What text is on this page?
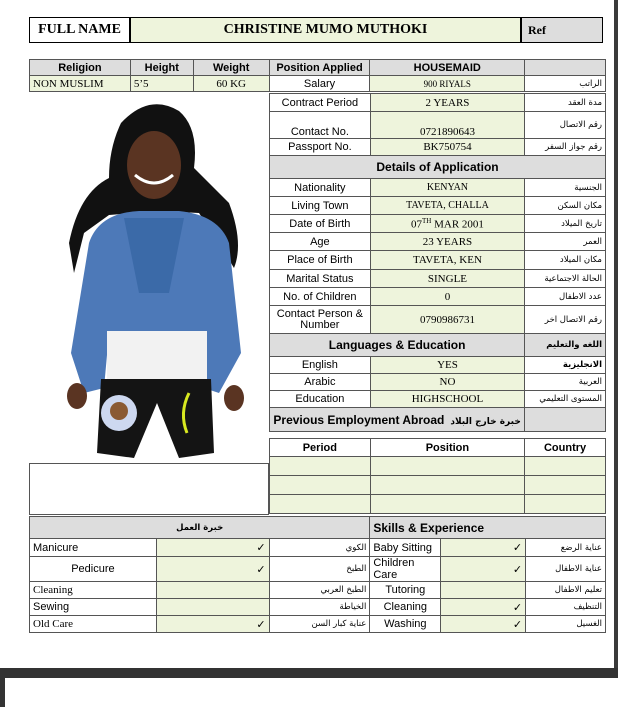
FULL NAME	CHRISTINE MUMO MUTHOKI	Ref
Religion	Height	Weight	Position Applied	HOUSEMAID	
NON MUSLIM	5’5	60 KG	Salary	900 RIYALS	الراتب
Contract Period	2 YEARS	مدة العقد
Contact No.	0721890643	رقم الاتصال
Passport No.	BK750754	رقم جواز السفر
Details of Application		
Nationality	KENYAN	الجنسية
Living Town	TAVETA, CHALLA	مكان السكن
Date of Birth	07TH MAR 2001	تاريخ الميلاد
Age	23 YEARS	العمر
Place of Birth	TAVETA, KEN	مكان الميلاد
Marital Status	SINGLE	الحالة الاجتماعية
No. of Children	0	عدد الاطفال
Contact Person & Number	0790986731	رقم الاتصال اخر
Languages & Education		اللغه والتعليم
English	YES	الانجليزية
Arabic	NO	العربية
Education	HIGHSCHOOL	المستوى التعليمي
Previous Employment Abroad خبرة خارج البلاد		
Period	Position	Country

خبرة العمل			Skills & Experience		
Manicure	✓	الكوي	Baby Sitting	✓	عناية الرضع
Pedicure	✓	الطبخ	Children Care	✓	عناية الاطفال
Cleaning		الطبخ العربي	Tutoring		تعليم الاطفال
Sewing		الخياطة	Cleaning	✓	التنظيف
Old Care	✓	عناية كبار السن	Washing	✓	الغسيل
